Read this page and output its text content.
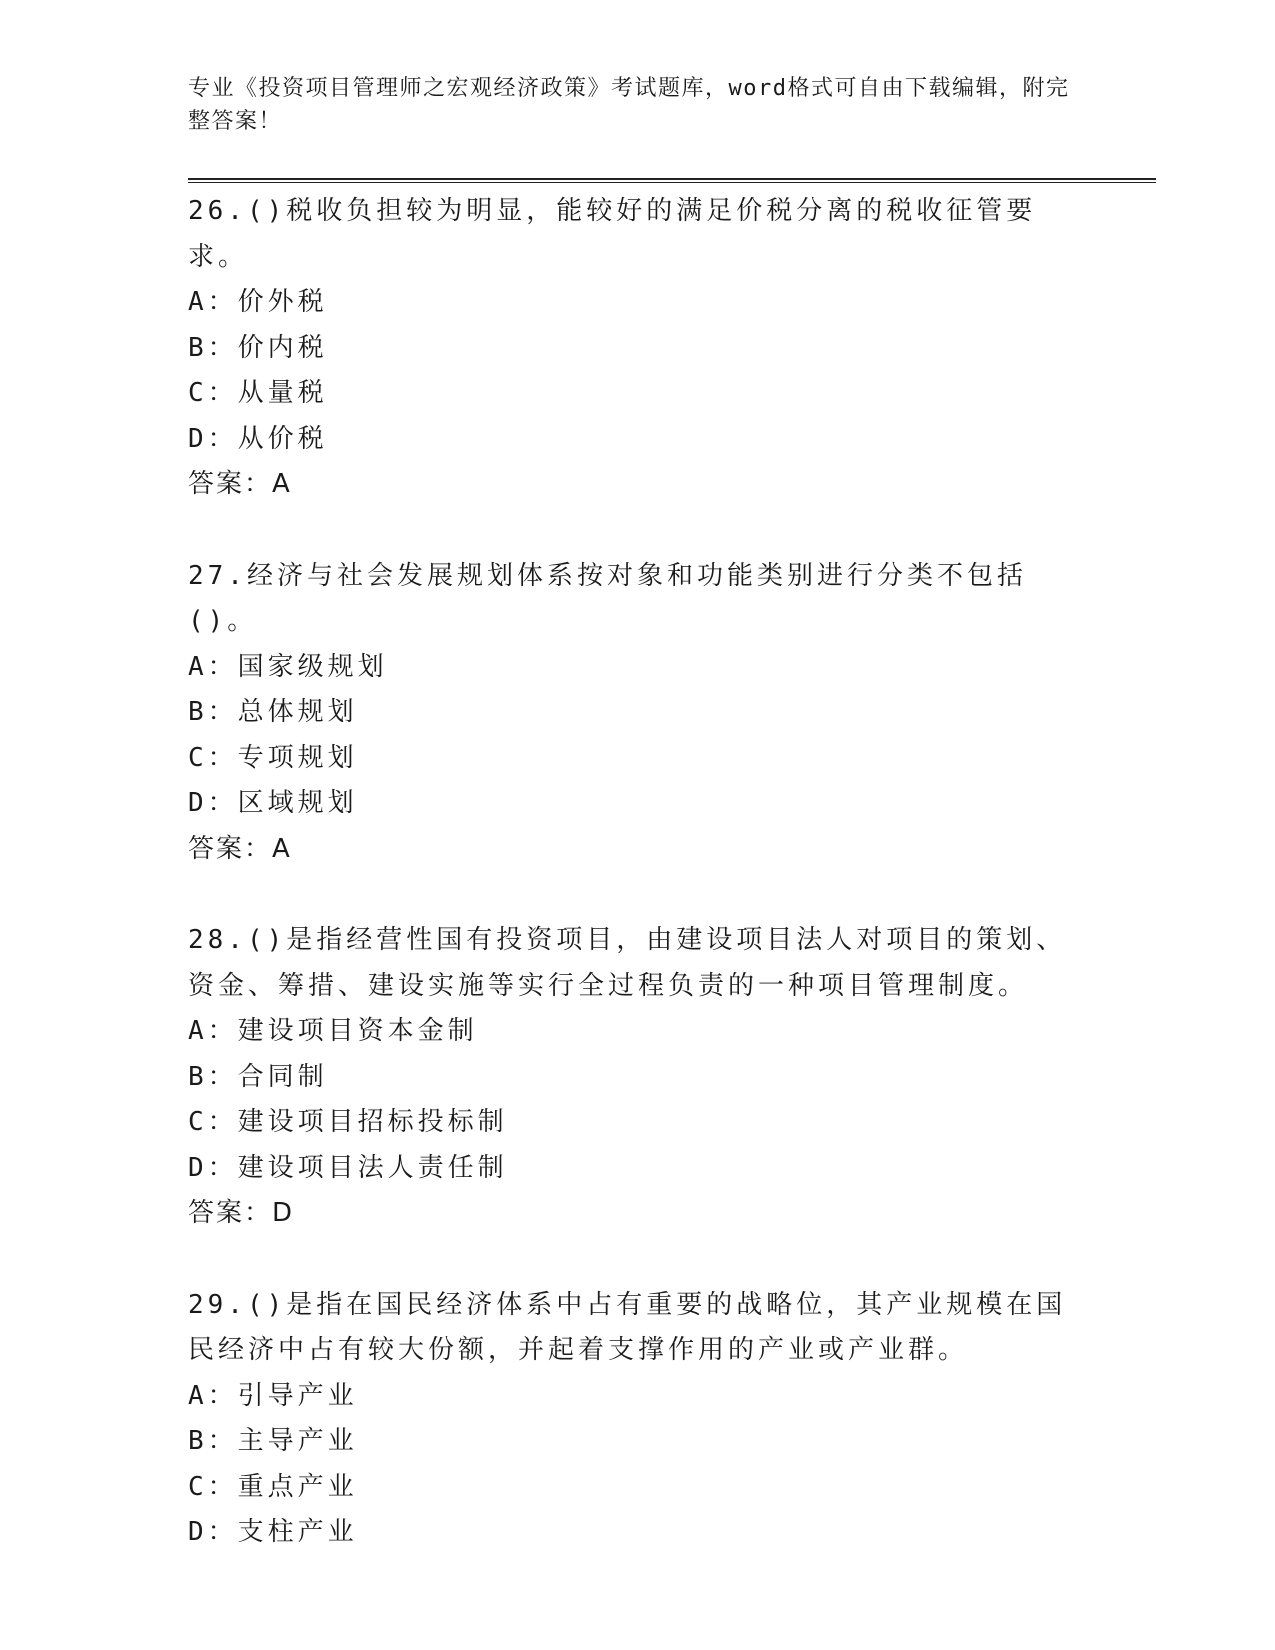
专业《投资项目管理师之宏观经济政策》考试题库，word格式可自由下载编辑，附完整答案！

26.()税收负担较为明显，能较好的满足价税分离的税收征管要求。

A：价外税

B：价内税

C：从量税

D：从价税

答案：A

27.经济与社会发展规划体系按对象和功能类别进行分类不包括()。

A：国家级规划

B：总体规划

C：专项规划

D：区域规划

答案：A

28.()是指经营性国有投资项目，由建设项目法人对项目的策划、资金、筹措、建设实施等实行全过程负责的一种项目管理制度。

A：建设项目资本金制

B：合同制

C：建设项目招标投标制

D：建设项目法人责任制

答案：D

29.()是指在国民经济体系中占有重要的战略位，其产业规模在国民经济中占有较大份额，并起着支撑作用的产业或产业群。

A：引导产业

B：主导产业

C：重点产业

D：支柱产业
